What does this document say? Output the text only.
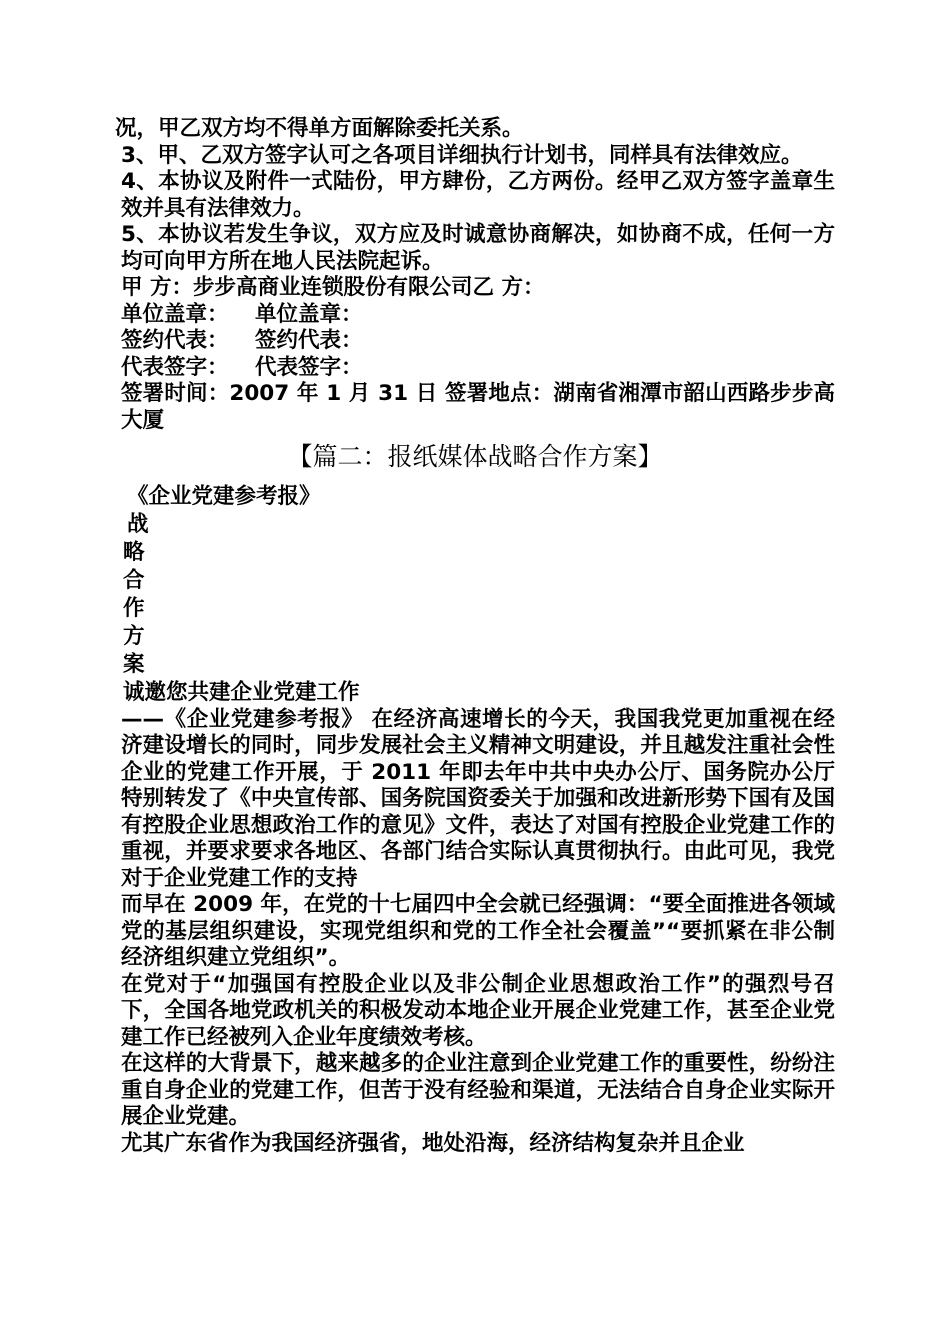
况，甲乙双方均不得单方面解除委托关系。

3、甲、乙双方签字认可之各项目详细执行计划书，同样具有法律效应。

4、本协议及附件一式陆份，甲方肆份，乙方两份。经甲乙双方签字盖章生效并具有法律效力。

5、本协议若发生争议，双方应及时诚意协商解决，如协商不成，任何一方均可向甲方所在地人民法院起诉。

甲 方：步步高商业连锁股份有限公司乙 方：

单位盖章： 单位盖章：
签约代表： 签约代表：
代表签字： 代表签字：

签署时间：2007 年 1 月 31 日 签署地点：湖南省湘潭市韶山西路步步高大厦

【篇二：报纸媒体战略合作方案】
《企业党建参考报》
战
略
合
作
方
案
诚邀您共建企业党建工作

——《企业党建参考报》 在经济高速增长的今天，我国我党更加重视在经济建设增长的同时，同步发展社会主义精神文明建设，并且越发注重社会性企业的党建工作开展，于 2011 年即去年中共中央办公厅、国务院办公厅特别转发了《中央宣传部、国务院国资委关于加强和改进新形势下国有及国有控股企业思想政治工作的意见》文件，表达了对国有控股企业党建工作的重视，并要求要求各地区、各部门结合实际认真贯彻执行。由此可见，我党对于企业党建工作的支持

而早在 2009 年，在党的十七届四中全会就已经强调：“要全面推进各领域党的基层组织建设，实现党组织和党的工作全社会覆盖”“要抓紧在非公制经济组织建立党组织”。

在党对于“加强国有控股企业以及非公制企业思想政治工作”的强烈号召下，全国各地党政机关的积极发动本地企业开展企业党建工作，甚至企业党建工作已经被列入企业年度绩效考核。

在这样的大背景下，越来越多的企业注意到企业党建工作的重要性，纷纷注重自身企业的党建工作，但苦于没有经验和渠道，无法结合自身企业实际开展企业党建。

尤其广东省作为我国经济强省，地处沿海，经济结构复杂并且企业
